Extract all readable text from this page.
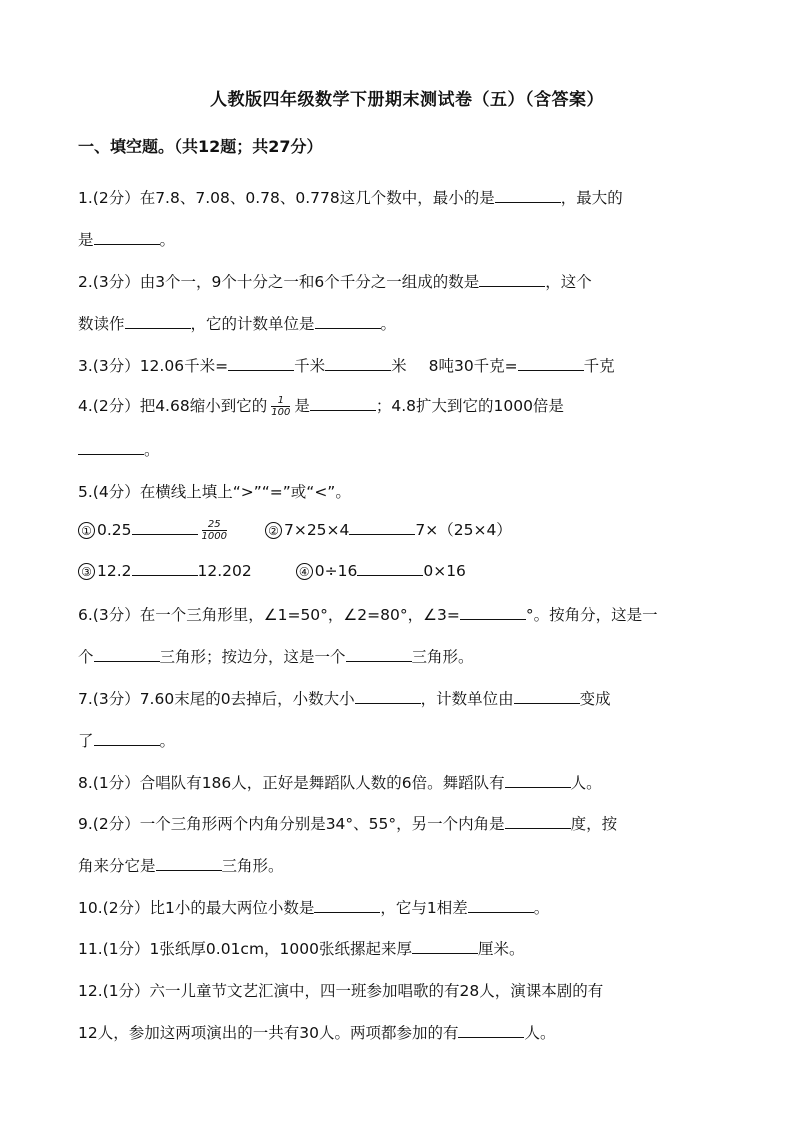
人教版四年级数学下册期末测试卷（五）（含答案）
一、填空题。（共12题；共27分）
1.(2分）在7.8、7.08、0.78、0.778这几个数中，最小的是	，最大的
是	。
2.(3分）由3个一，9个十分之一和6个千分之一组成的数是	，这个
数读作	，它的计数单位是	。
3.(3分）12.06千米=	千米	米 8吨30千克=	千克
4.(2分）把4.68缩小到它的 $\frac{1}{100}$ 是	；4.8扩大到它的1000倍是
。
5.(4分）在横线上填上“>”“=”或“<”。
① 0.25	$\frac{25}{1000}$	② 7×25×4	7×（25×4）
③ 12.2	12.202	④ 0÷16	0×16
6.(3分）在一个三角形里，∠1=50°，∠2=80°，∠3=	°。按角分，这是一
个	三角形；按边分，这是一个	三角形。
7.(3分）7.60末尾的0去掉后，小数大小	，计数单位由	变成
了	。
8.(1分）合唱队有186人，正好是舞蹈队人数的6倍。舞蹈队有	人。
9.(2分）一个三角形两个内角分别是34°、55°，另一个内角是	度，按
角来分它是	三角形。
10.(2分）比1小的最大两位小数是	，它与1相差	。
11.(1分）1张纸厚0.01cm，1000张纸摞起来厚	厘米。
12.(1分）六一儿童节文艺汇演中，四一班参加唱歌的有28人，演课本剧的有
12人，参加这两项演出的一共有30人。两项都参加的有	人。
